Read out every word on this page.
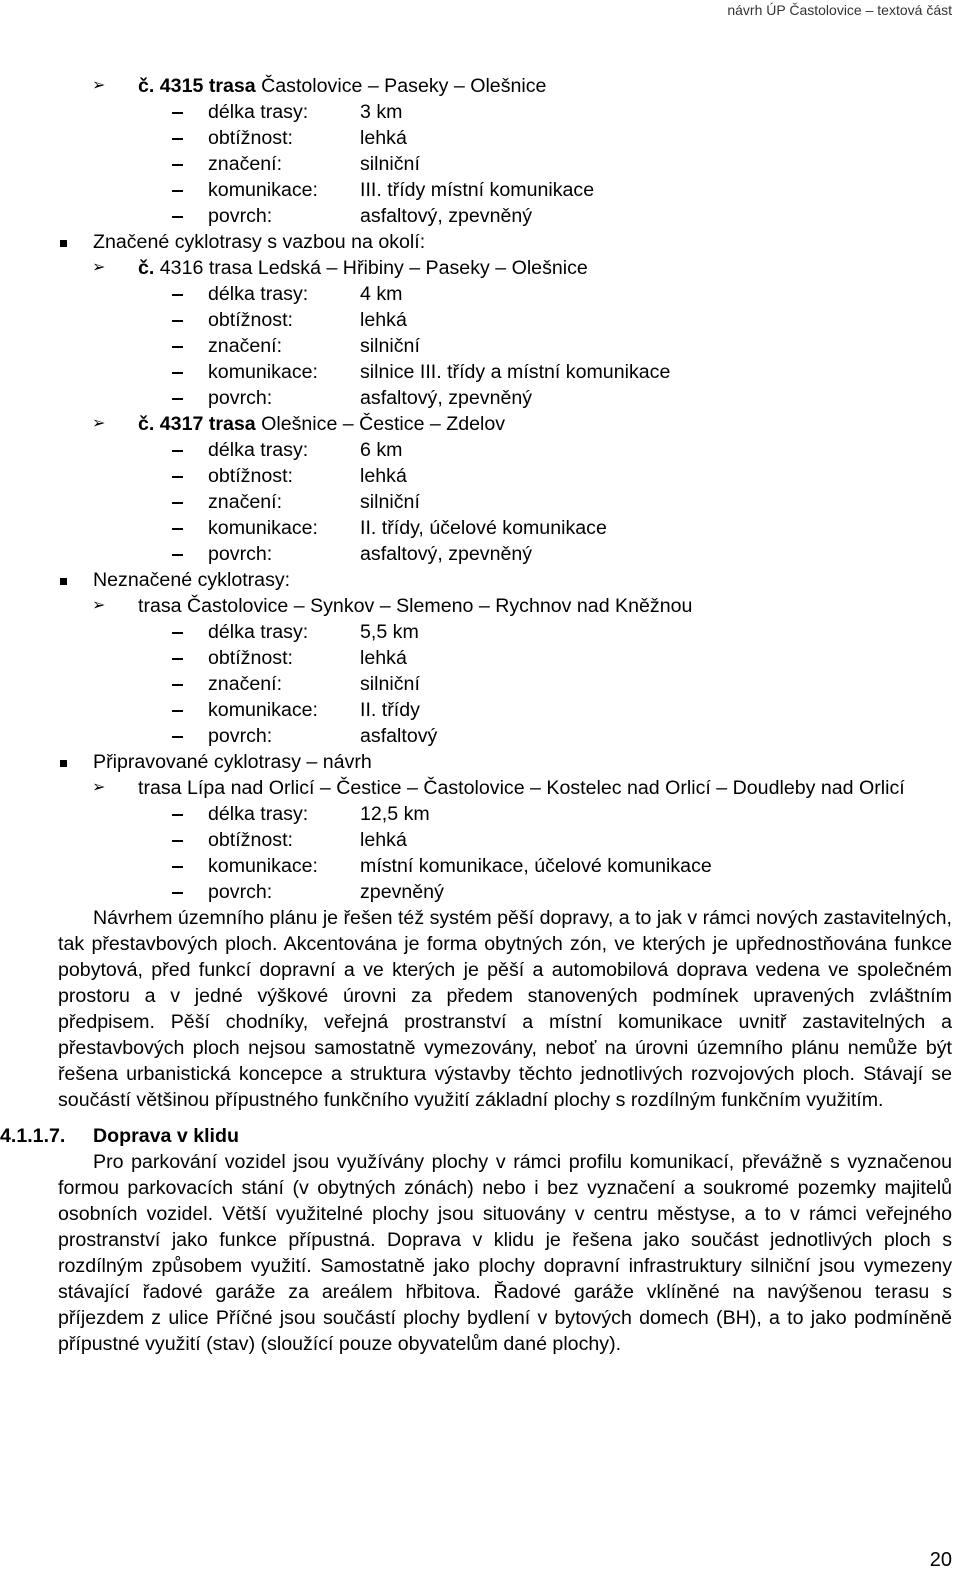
návrh ÚP Častolovice – textová část
➢ č. 4315 trasa Častolovice – Paseky – Olešnice
délka trasy:	3 km
obtížnost:	lehká
značení:	silniční
komunikace: III. třídy místní komunikace
povrch:	asfaltový, zpevněný
Značené cyklotrasy s vazbou na okolí:
➢ č. 4316 trasa Ledská – Hřibiny – Paseky – Olešnice
délka trasy:	4 km
obtížnost:	lehká
značení:	silniční
komunikace: silnice III. třídy a místní komunikace
povrch:	asfaltový, zpevněný
➢ č. 4317 trasa Olešnice – Čestice – Zdelov
délka trasy:	6 km
obtížnost:	lehká
značení:	silniční
komunikace: II. třídy, účelové komunikace
povrch:	asfaltový, zpevněný
Neznačené cyklotrasy:
➢ trasa Častolovice – Synkov – Slemeno – Rychnov nad Kněžnou
délka trasy:	5,5 km
obtížnost:	lehká
značení:	silniční
komunikace: II. třídy
povrch:	asfaltový
Připravované cyklotrasy – návrh
➢ trasa Lípa nad Orlicí – Čestice – Častolovice – Kostelec nad Orlicí – Doudleby nad Orlicí
délka trasy:	12,5 km
obtížnost:	lehká
komunikace: místní komunikace, účelové komunikace
povrch:	zpevněný

Návrhem územního plánu je řešen též systém pěší dopravy, a to jak v rámci nových zastavitelných, tak přestavbových ploch. Akcentována je forma obytných zón, ve kterých je upřednostňována funkce pobytová, před funkcí dopravní a ve kterých je pěší a automobilová doprava vedena ve společném prostoru a v jedné výškové úrovni za předem stanovených podmínek upravených zvláštním předpisem. Pěší chodníky, veřejná prostranství a místní komunikace uvnitř zastavitelných a přestavbových ploch nejsou samostatně vymezovány, neboť na úrovni územního plánu nemůže být řešena urbanistická koncepce a struktura výstavby těchto jednotlivých rozvojových ploch. Stávají se součástí většinou přípustného funkčního využití základní plochy s rozdílným funkčním využitím.

4.1.1.7. Doprava v klidu

Pro parkování vozidel jsou využívány plochy v rámci profilu komunikací, převážně s vyznačenou formou parkovacích stání (v obytných zónách) nebo i bez vyznačení a soukromé pozemky majitelů osobních vozidel. Větší využitelné plochy jsou situovány v centru městyse, a to v rámci veřejného prostranství jako funkce přípustná. Doprava v klidu je řešena jako součást jednotlivých ploch s rozdílným způsobem využití. Samostatně jako plochy dopravní infrastruktury silniční jsou vymezeny stávající řadové garáže za areálem hřbitova. Řadové garáže vklíněné na navýšenou terasu s příjezdem z ulice Příčné jsou součástí plochy bydlení v bytových domech (BH), a to jako podmíněně přípustné využití (stav) (sloužící pouze obyvatelům dané plochy).

20
